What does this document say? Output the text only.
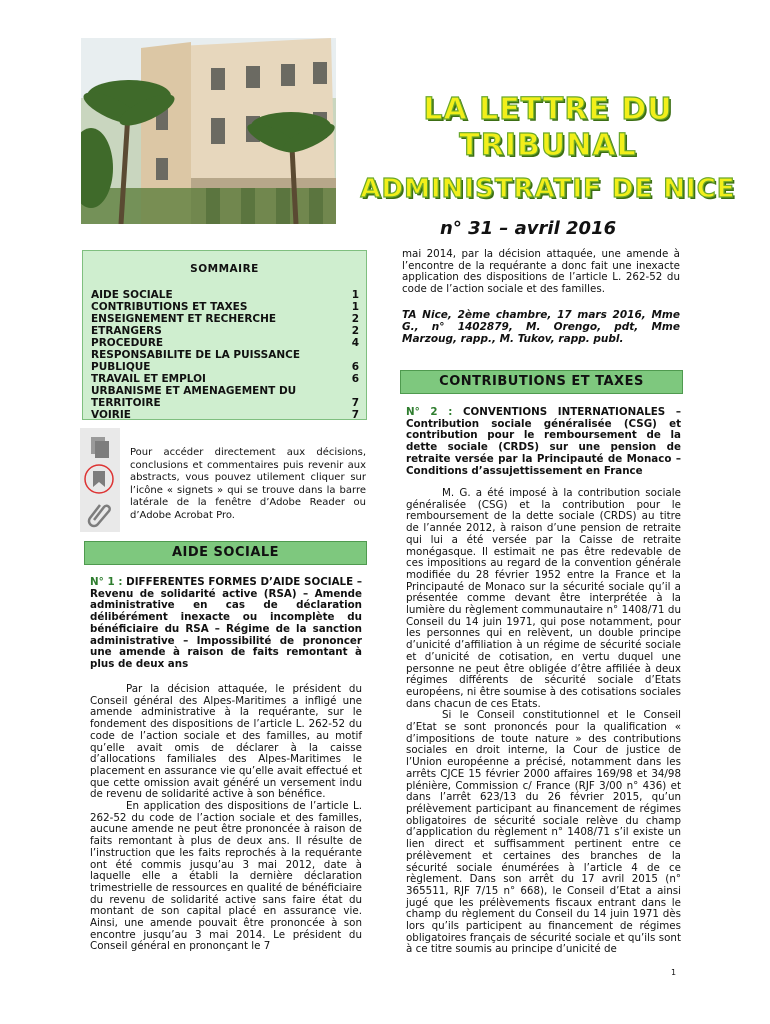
LA LETTRE DU TRIBUNAL
ADMINISTRATIF DE NICE
n° 31 – avril 2016
SOMMAIRE
AIDE SOCIALE	1
CONTRIBUTIONS ET TAXES	1
ENSEIGNEMENT ET RECHERCHE	2
ETRANGERS	2
PROCEDURE	4
RESPONSABILITE DE LA PUISSANCE	
PUBLIQUE	6
TRAVAIL ET EMPLOI	6
URBANISME ET AMENAGEMENT DU	
TERRITOIRE	7
VOIRIE	7
Pour accéder directement aux décisions, conclusions et commentaires puis revenir aux abstracts, vous pouvez utilement cliquer sur l’icône « signets » qui se trouve dans la barre latérale de la fenêtre d’Adobe Reader ou d’Adobe Acrobat Pro.
AIDE SOCIALE
CONTRIBUTIONS ET TAXES
N° 1 : DIFFERENTES FORMES D’AIDE SOCIALE – Revenu de solidarité active (RSA) – Amende administrative en cas de déclaration délibérément inexacte ou incomplète du bénéficiaire du RSA – Régime de la sanction administrative – Impossibilité de prononcer une amende à raison de faits remontant à plus de deux ans

Par la décision attaquée, le président du Conseil général des Alpes-Maritimes a infligé une amende administrative à la requérante, sur le fondement des dispositions de l’article L. 262-52 du code de l’action sociale et des familles, au motif qu’elle avait omis de déclarer à la caisse d’allocations familiales des Alpes-Maritimes le placement en assurance vie qu’elle avait effectué et que cette omission avait généré un versement indu de revenu de solidarité active à son bénéfice.

En application des dispositions de l’article L. 262-52 du code de l’action sociale et des familles, aucune amende ne peut être prononcée à raison de faits remontant à plus de deux ans. Il résulte de l’instruction que les faits reprochés à la requérante ont été commis jusqu’au 3 mai 2012, date à laquelle elle a établi la dernière déclaration trimestrielle de ressources en qualité de bénéficiaire du revenu de solidarité active sans faire état du montant de son capital placé en assurance vie. Ainsi, une amende pouvait être prononcée à son encontre jusqu’au 3 mai 2014. Le président du Conseil général en prononçant le 7

mai 2014, par la décision attaquée, une amende à l’encontre de la requérante a donc fait une inexacte application des dispositions de l’article L. 262-52 du code de l’action sociale et des familles.
TA Nice, 2ème chambre, 17 mars 2016, Mme G., n° 1402879, M. Orengo, pdt, Mme Marzoug, rapp., M. Tukov, rapp. publ.
N° 2 : CONVENTIONS INTERNATIONALES – Contribution sociale généralisée (CSG) et contribution pour le remboursement de la dette sociale (CRDS) sur une pension de retraite versée par la Principauté de Monaco – Conditions d’assujettissement en France

M. G. a été imposé à la contribution sociale généralisée (CSG) et la contribution pour le remboursement de la dette sociale (CRDS) au titre de l’année 2012, à raison d’une pension de retraite qui lui a été versée par la Caisse de retraite monégasque. Il estimait ne pas être redevable de ces impositions au regard de la convention générale modifiée du 28 février 1952 entre la France et la Principauté de Monaco sur la sécurité sociale qu’il a présentée comme devant être interprétée à la lumière du règlement communautaire n° 1408/71 du Conseil du 14 juin 1971, qui pose notamment, pour les personnes qui en relèvent, un double principe d’unicité d’affiliation à un régime de sécurité sociale et d’unicité de cotisation, en vertu duquel une personne ne peut être obligée d’être affiliée à deux régimes différents de sécurité sociale d’Etats européens, ni être soumise à des cotisations sociales dans chacun de ces Etats.

Si le Conseil constitutionnel et le Conseil d’Etat se sont prononcés pour la qualification « d’impositions de toute nature » des contributions sociales en droit interne, la Cour de justice de l’Union européenne a précisé, notamment dans les arrêts CJCE 15 février 2000 affaires 169/98 et 34/98 plénière, Commission c/ France (RJF 3/00 n° 436) et dans l’arrêt 623/13 du 26 février 2015, qu’un prélèvement participant au financement de régimes obligatoires de sécurité sociale relève du champ d’application du règlement n° 1408/71 s’il existe un lien direct et suffisamment pertinent entre ce prélèvement et certaines des branches de la sécurité sociale énumérées à l’article 4 de ce règlement. Dans son arrêt du 17 avril 2015 (n° 365511, RJF 7/15 n° 668), le Conseil d’Etat a ainsi jugé que les prélèvements fiscaux entrant dans le champ du règlement du Conseil du 14 juin 1971 dès lors qu’ils participent au financement de régimes obligatoires français de sécurité sociale et qu’ils sont à ce titre soumis au principe d’unicité de

1
